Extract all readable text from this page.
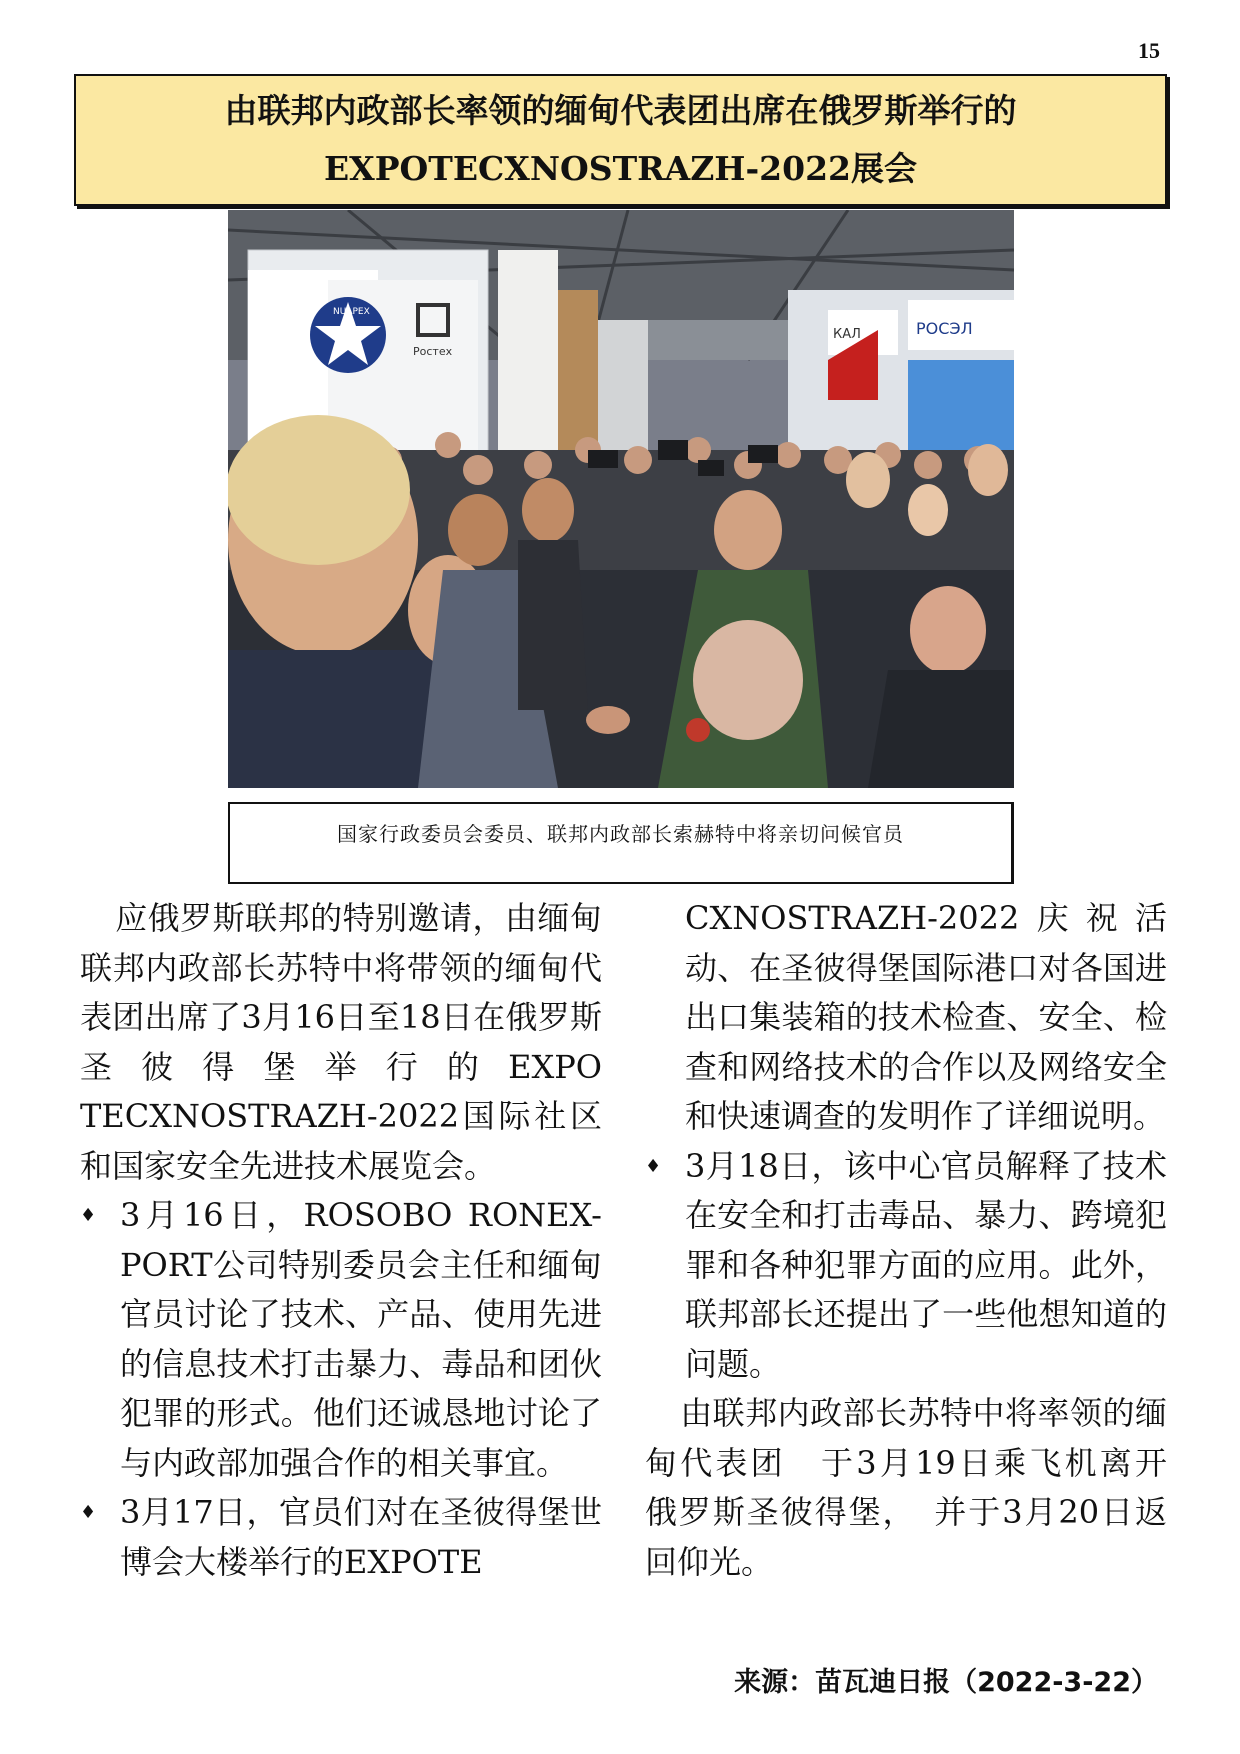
15
由联邦内政部长率领的缅甸代表团出席在俄罗斯举行的
EXPOTECXNOSTRAZH-2022展会
NUAPEX
Ростех
КАЛ	РОСЭЛ
国家行政委员会委员、联邦内政部长索赫特中将亲切问候官员

应俄罗斯联邦的特别邀请，由缅甸联邦内政部长苏特中将带领的缅甸代表团出席了3月16日至18日在俄罗斯圣彼得堡举行的EXPO TECXNOSTRAZH-2022国际社区和国家安全先进技术展览会。

♦ 3月16日，ROSOBO RONEX-PORT公司特别委员会主任和缅甸官员讨论了技术、产品、使用先进的信息技术打击暴力、毒品和团伙犯罪的形式。他们还诚恳地讨论了与内政部加强合作的相关事宜。

♦ 3月17日，官员们对在圣彼得堡世博会大楼举行的EXPOTE

CXNOSTRAZH-2022庆祝活动、在圣彼得堡国际港口对各国进出口集装箱的技术检查、安全、检查和网络技术的合作以及网络安全和快速调查的发明作了详细说明。

♦ 3月18日，该中心官员解释了技术在安全和打击毒品、暴力、跨境犯罪和各种犯罪方面的应用。此外，联邦部长还提出了一些他想知道的问题。

由联邦内政部长苏特中将率领的缅甸代表团　于3月19日乘飞机离开　俄罗斯圣彼得堡，　并于3月20日返回仰光。

来源：苗瓦迪日报（2022-3-22）
